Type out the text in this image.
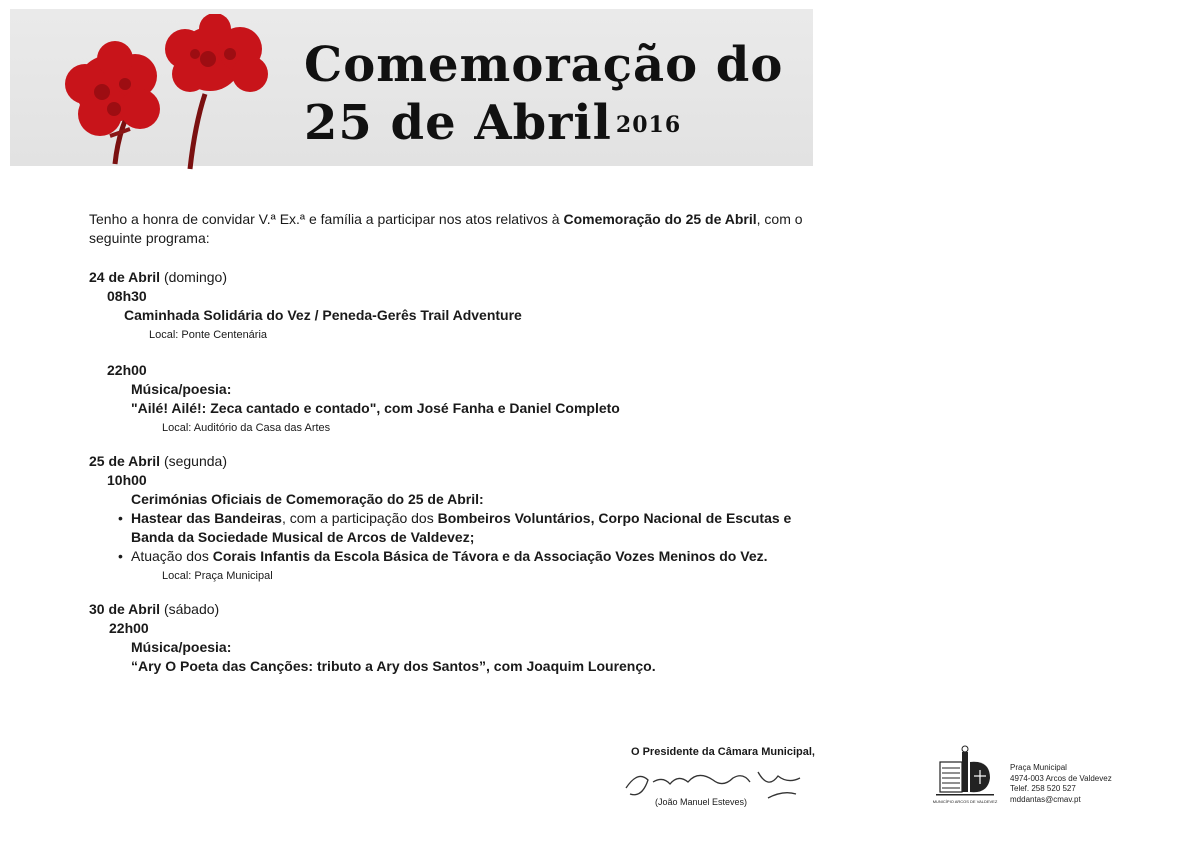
Comemoração do
25 de Abril $^{2016}$

Tenho a honra de convidar V.ª Ex.ª e família a participar nos atos relativos à Comemoração do 25 de Abril, com o seguinte programa:

24 de Abril (domingo)

08h30

Caminhada Solidária do Vez / Peneda-Gerês Trail Adventure

Local: Ponte Centenária

22h00

Música/poesia:

"Ailé! Ailé!: Zeca cantado e contado", com José Fanha e Daniel Completo

Local: Auditório da Casa das Artes

25 de Abril (segunda)

10h00

Cerimónias Oficiais de Comemoração do 25 de Abril:

• Hastear das Bandeiras, com a participação dos Bombeiros Voluntários, Corpo Nacional de Escutas e Banda da Sociedade Musical de Arcos de Valdevez;
• Atuação dos Corais Infantis da Escola Básica de Távora e da Associação Vozes Meninos do Vez.

Local: Praça Municipal

30 de Abril (sábado)

22h00

Música/poesia:

“Ary O Poeta das Canções: tributo a Ary dos Santos”, com Joaquim Lourenço.

O Presidente da Câmara Municipal,
(João Manuel Esteves)	MUNICÍPIO ARCOS DE VALDEVEZ
Praça Municipal
4974-003 Arcos de Valdevez
Telef. 258 520 527
mddantas@cmav.pt
